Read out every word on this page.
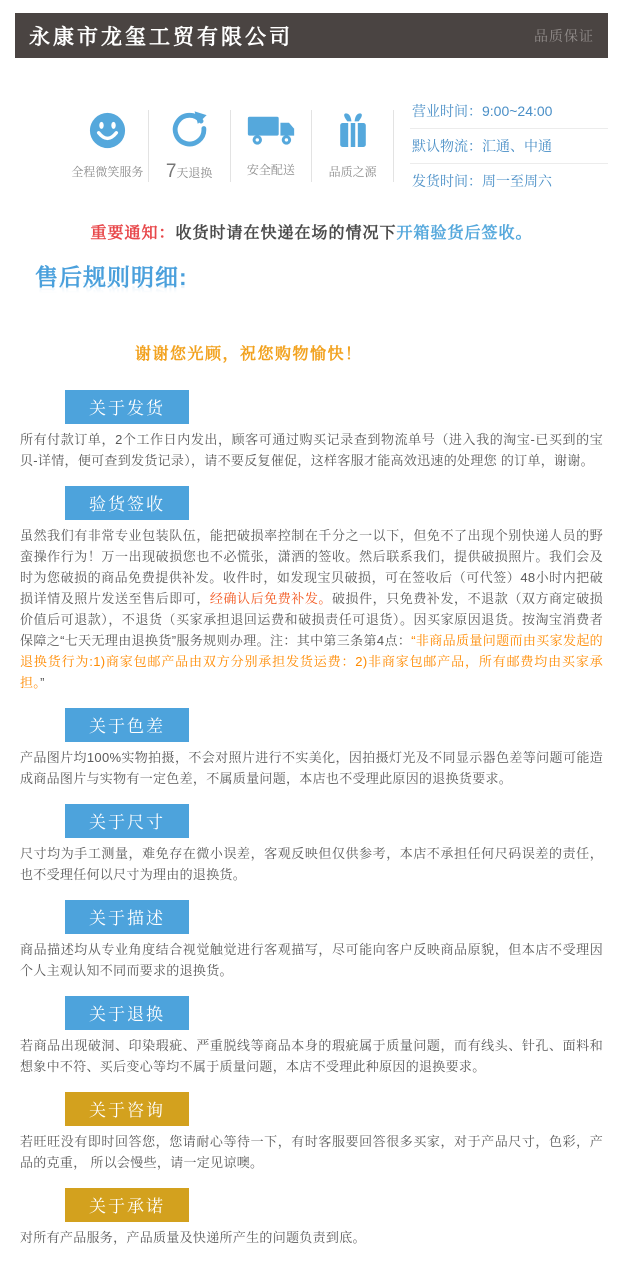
永康市龙玺工贸有限公司	品质保证
全程微笑服务 7天退换	安全配送	品质之源
营业时间：9:00~24:00
默认物流：汇通、中通
发货时间：周一至周六
重要通知：收货时请在快递在场的情况下开箱验货后签收。
售后规则明细:
谢谢您光顾，祝您购物愉快！
关于发货

所有付款订单，2个工作日内发出，顾客可通过购买记录查到物流单号（进入我的淘宝-已买到的宝贝-详情，便可查到发货记录），请不要反复催促，这样客服才能高效迅速的处理您 的订单，谢谢。

验货签收

虽然我们有非常专业包装队伍，能把破损率控制在千分之一以下，但免不了出现个别快递人员的野蛮操作行为！万一出现破损您也不必慌张，潇洒的签收。然后联系我们，提供破损照片。我们会及时为您破损的商品免费提供补发。收件时，如发现宝贝破损，可在签收后（可代签）48小时内把破损详情及照片发送至售后即可，经确认后免费补发。破损件，只免费补发，不退款（双方商定破损价值后可退款），不退货（买家承担退回运费和破损责任可退货）。因买家原因退货。按淘宝消费者保障之“七天无理由退换货”服务规则办理。注：其中第三条第4点：“非商品质量问题而由买家发起的退换货行为:1)商家包邮产品由双方分别承担发货运费：2)非商家包邮产品，所有邮费均由买家承担。”

关于色差

产品图片均100%实物拍摄，不会对照片进行不实美化，因拍摄灯光及不同显示器色差等问题可能造成商品图片与实物有一定色差，不属质量问题，本店也不受理此原因的退换货要求。

关于尺寸

尺寸均为手工测量，难免存在微小误差，客观反映但仅供参考，本店不承担任何尺码误差的责任，也不受理任何以尺寸为理由的退换货。

关于描述

商品描述均从专业角度结合视觉触觉进行客观描写，尽可能向客户反映商品原貌，但本店不受理因个人主观认知不同而要求的退换货。

关于退换

若商品出现破洞、印染瑕疵、严重脱线等商品本身的瑕疵属于质量问题，而有线头、针孔、面料和想象中不符、买后变心等均不属于质量问题，本店不受理此种原因的退换要求。

关于咨询

若旺旺没有即时回答您，您请耐心等待一下，有时客服要回答很多买家，对于产品尺寸，色彩，产品的克重， 所以会慢些，请一定见谅噢。

关于承诺

对所有产品服务，产品质量及快递所产生的问题负责到底。
